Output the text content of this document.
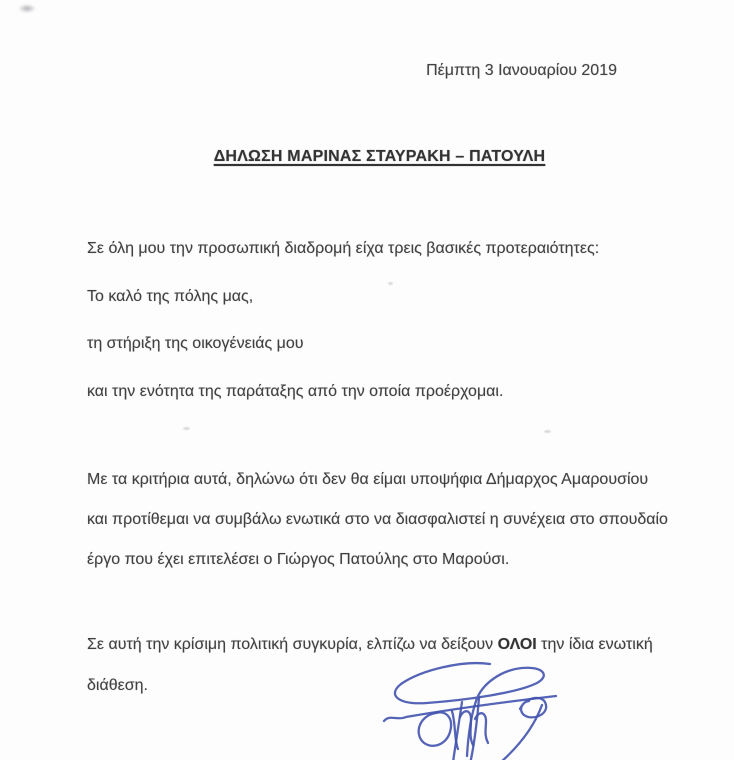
Πέμπτη 3 Ιανουαρίου 2019
ΔΗΛΩΣΗ ΜΑΡΙΝΑΣ ΣΤΑΥΡΑΚΗ – ΠΑΤΟΥΛΗ
Σε όλη μου την προσωπική διαδρομή είχα τρεις βασικές προτεραιότητες:
Το καλό της πόλης μας,
τη στήριξη της οικογένειάς μου
και την ενότητα της παράταξης από την οποία προέρχομαι.
Με τα κριτήρια αυτά, δηλώνω ότι δεν θα είμαι υποψήφια Δήμαρχος Αμαρουσίου
και προτίθεμαι να συμβάλω ενωτικά στο να διασφαλιστεί η συνέχεια στο σπουδαίο
έργο που έχει επιτελέσει ο Γιώργος Πατούλης στο Μαρούσι.
Σε αυτή την κρίσιμη πολιτική συγκυρία, ελπίζω να δείξουν ΟΛΟΙ την ίδια ενωτική
διάθεση.
